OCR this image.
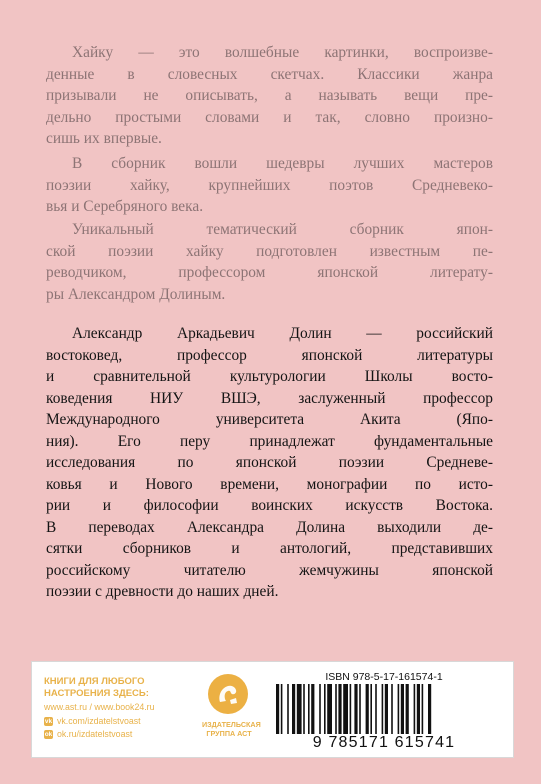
Хайку — это волшебные картинки, воспроизве-
денные в словесных скетчах. Классики жанра
призывали не описывать, а называть вещи пре-
дельно простыми словами и так, словно произно-
сишь их впервые.
В сборник вошли шедевры лучших мастеров
поэзии хайку, крупнейших поэтов Средневеко-
вья и Серебряного века.
Уникальный тематический сборник япон-
ской поэзии хайку подготовлен известным пе-
реводчиком, профессором японской литерату-
ры Александром Долиным.
Александр Аркадьевич Долин — российский
востоковед, профессор японской литературы
и сравнительной культурологии Школы восто-
коведения НИУ ВШЭ, заслуженный профессор
Международного университета Акита (Япо-
ния). Его перу принадлежат фундаментальные
исследования по японской поэзии Средневе-
ковья и Нового времени, монографии по исто-
рии и философии воинских искусств Востока.
В переводах Александра Долина выходили де-
сятки сборников и антологий, представивших
российскому читателю жемчужины японской
поэзии с древности до наших дней.
КНИГИ ДЛЯ ЛЮБОГО
НАСТРОЕНИЯ ЗДЕСЬ:
www.ast.ru / www.book24.ru
vk vk.com/izdatelstvoast
ok ok.ru/izdatelstvoast
ИЗДАТЕЛЬСКАЯ
ГРУППА АСТ
ISBN 978-5-17-161574-1
9 785171 615741
